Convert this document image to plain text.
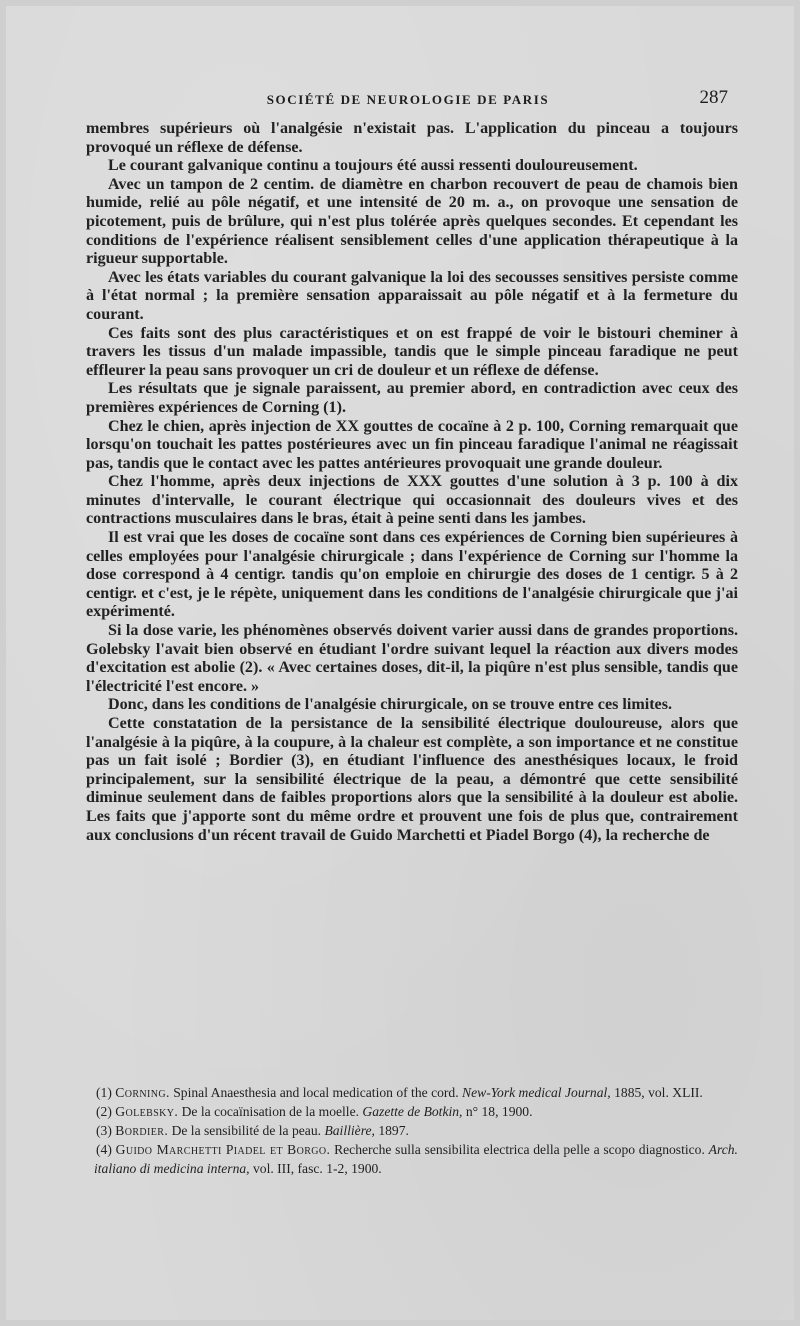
SOCIÉTÉ DE NEUROLOGIE DE PARIS	287

membres supérieurs où l'analgésie n'existait pas. L'application du pinceau a toujours provoqué un réflexe de défense.

Le courant galvanique continu a toujours été aussi ressenti douloureusement.

Avec un tampon de 2 centim. de diamètre en charbon recouvert de peau de chamois bien humide, relié au pôle négatif, et une intensité de 20 m. a., on provoque une sensation de picotement, puis de brûlure, qui n'est plus tolérée après quelques secondes. Et cependant les conditions de l'expérience réalisent sensiblement celles d'une application thérapeutique à la rigueur supportable.

Avec les états variables du courant galvanique la loi des secousses sensitives persiste comme à l'état normal ; la première sensation apparaissait au pôle négatif et à la fermeture du courant.

Ces faits sont des plus caractéristiques et on est frappé de voir le bistouri cheminer à travers les tissus d'un malade impassible, tandis que le simple pinceau faradique ne peut effleurer la peau sans provoquer un cri de douleur et un réflexe de défense.

Les résultats que je signale paraissent, au premier abord, en contradiction avec ceux des premières expériences de Corning (1).

Chez le chien, après injection de XX gouttes de cocaïne à 2 p. 100, Corning remarquait que lorsqu'on touchait les pattes postérieures avec un fin pinceau faradique l'animal ne réagissait pas, tandis que le contact avec les pattes antérieures provoquait une grande douleur.

Chez l'homme, après deux injections de XXX gouttes d'une solution à 3 p. 100 à dix minutes d'intervalle, le courant électrique qui occasionnait des douleurs vives et des contractions musculaires dans le bras, était à peine senti dans les jambes.

Il est vrai que les doses de cocaïne sont dans ces expériences de Corning bien supérieures à celles employées pour l'analgésie chirurgicale ; dans l'expérience de Corning sur l'homme la dose correspond à 4 centigr. tandis qu'on emploie en chirurgie des doses de 1 centigr. 5 à 2 centigr. et c'est, je le répète, uniquement dans les conditions de l'analgésie chirurgicale que j'ai expérimenté.

Si la dose varie, les phénomènes observés doivent varier aussi dans de grandes proportions. Golebsky l'avait bien observé en étudiant l'ordre suivant lequel la réaction aux divers modes d'excitation est abolie (2). « Avec certaines doses, dit-il, la piqûre n'est plus sensible, tandis que l'électricité l'est encore. »

Donc, dans les conditions de l'analgésie chirurgicale, on se trouve entre ces limites.

Cette constatation de la persistance de la sensibilité électrique douloureuse, alors que l'analgésie à la piqûre, à la coupure, à la chaleur est complète, a son importance et ne constitue pas un fait isolé ; Bordier (3), en étudiant l'influence des anesthésiques locaux, le froid principalement, sur la sensibilité électrique de la peau, a démontré que cette sensibilité diminue seulement dans de faibles proportions alors que la sensibilité à la douleur est abolie. Les faits que j'apporte sont du même ordre et prouvent une fois de plus que, contrairement aux conclusions d'un récent travail de Guido Marchetti et Piadel Borgo (4), la recherche de

(1) Corning. Spinal Anaesthesia and local medication of the cord. New-York medical Journal, 1885, vol. XLII.

(2) Golebsky. De la cocaïnisation de la moelle. Gazette de Botkin, n° 18, 1900.

(3) Bordier. De la sensibilité de la peau. Baillière, 1897.

(4) Guido Marchetti Piadel et Borgo. Recherche sulla sensibilita electrica della pelle a scopo diagnostico. Arch. italiano di medicina interna, vol. III, fasc. 1-2, 1900.
